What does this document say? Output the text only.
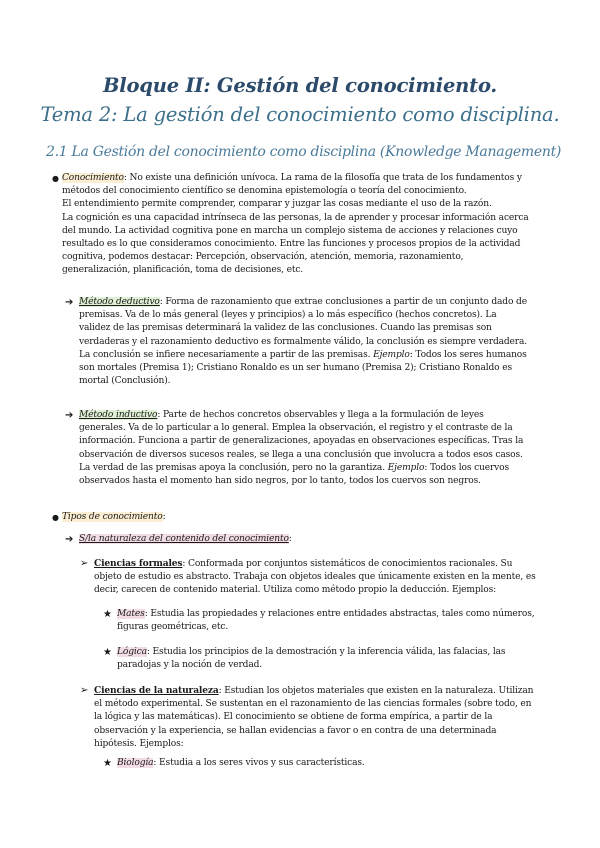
Bloque II: Gestión del conocimiento.
Tema 2: La gestión del conocimiento como disciplina.
2.1 La Gestión del conocimiento como disciplina (Knowledge Management)
● Conocimiento: No existe una definición unívoca. La rama de la filosofía que trata de los fundamentos y
métodos del conocimiento científico se denomina epistemología o teoría del conocimiento.
El entendimiento permite comprender, comparar y juzgar las cosas mediante el uso de la razón.
La cognición es una capacidad intrínseca de las personas, la de aprender y procesar información acerca
del mundo. La actividad cognitiva pone en marcha un complejo sistema de acciones y relaciones cuyo
resultado es lo que consideramos conocimiento. Entre las funciones y procesos propios de la actividad
cognitiva, podemos destacar: Percepción, observación, atención, memoria, razonamiento,
generalización, planificación, toma de decisiones, etc.
➔ Método deductivo: Forma de razonamiento que extrae conclusiones a partir de un conjunto dado de
premisas. Va de lo más general (leyes y principios) a lo más específico (hechos concretos). La
validez de las premisas determinará la validez de las conclusiones. Cuando las premisas son
verdaderas y el razonamiento deductivo es formalmente válido, la conclusión es siempre verdadera.
La conclusión se infiere necesariamente a partir de las premisas. Ejemplo: Todos los seres humanos
son mortales (Premisa 1); Cristiano Ronaldo es un ser humano (Premisa 2); Cristiano Ronaldo es
mortal (Conclusión).
➔ Método inductivo: Parte de hechos concretos observables y llega a la formulación de leyes
generales. Va de lo particular a lo general. Emplea la observación, el registro y el contraste de la
información. Funciona a partir de generalizaciones, apoyadas en observaciones específicas. Tras la
observación de diversos sucesos reales, se llega a una conclusión que involucra a todos esos casos.
La verdad de las premisas apoya la conclusión, pero no la garantiza. Ejemplo: Todos los cuervos
observados hasta el momento han sido negros, por lo tanto, todos los cuervos son negros.
● Tipos de conocimiento:
➔ S/la naturaleza del contenido del conocimiento:
➢ Ciencias formales: Conformada por conjuntos sistemáticos de conocimientos racionales. Su
objeto de estudio es abstracto. Trabaja con objetos ideales que únicamente existen en la mente, es
decir, carecen de contenido material. Utiliza como método propio la deducción. Ejemplos:
★ Mates: Estudia las propiedades y relaciones entre entidades abstractas, tales como números,
figuras geométricas, etc.
★ Lógica: Estudia los principios de la demostración y la inferencia válida, las falacias, las
paradojas y la noción de verdad.
➢ Ciencias de la naturaleza: Estudian los objetos materiales que existen en la naturaleza. Utilizan
el método experimental. Se sustentan en el razonamiento de las ciencias formales (sobre todo, en
la lógica y las matemáticas). El conocimiento se obtiene de forma empírica, a partir de la
observación y la experiencia, se hallan evidencias a favor o en contra de una determinada
hipótesis. Ejemplos:
★ Biología: Estudia a los seres vivos y sus características.
